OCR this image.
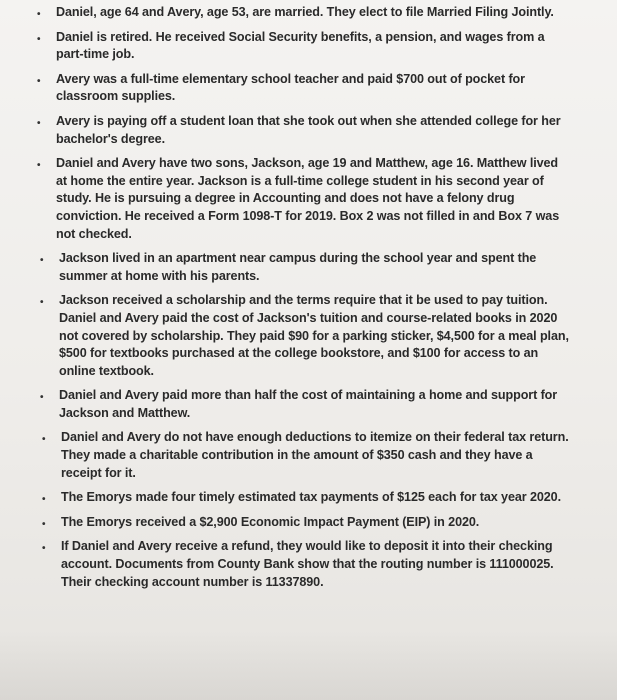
• Daniel, age 64 and Avery, age 53, are married. They elect to file Married Filing Jointly.
• Daniel is retired. He received Social Security benefits, a pension, and wages from a part-time job.
• Avery was a full-time elementary school teacher and paid $700 out of pocket for classroom supplies.
• Avery is paying off a student loan that she took out when she attended college for her bachelor's degree.
• Daniel and Avery have two sons, Jackson, age 19 and Matthew, age 16. Matthew lived at home the entire year. Jackson is a full-time college student in his second year of study. He is pursuing a degree in Accounting and does not have a felony drug conviction. He received a Form 1098-T for 2019. Box 2 was not filled in and Box 7 was not checked.
• Jackson lived in an apartment near campus during the school year and spent the summer at home with his parents.
• Jackson received a scholarship and the terms require that it be used to pay tuition. Daniel and Avery paid the cost of Jackson's tuition and course-related books in 2020 not covered by scholarship. They paid $90 for a parking sticker, $4,500 for a meal plan, $500 for textbooks purchased at the college bookstore, and $100 for access to an online textbook.
• Daniel and Avery paid more than half the cost of maintaining a home and support for Jackson and Matthew.
• Daniel and Avery do not have enough deductions to itemize on their federal tax return. They made a charitable contribution in the amount of $350 cash and they have a receipt for it.
• The Emorys made four timely estimated tax payments of $125 each for tax year 2020.
• The Emorys received a $2,900 Economic Impact Payment (EIP) in 2020.
• If Daniel and Avery receive a refund, they would like to deposit it into their checking account. Documents from County Bank show that the routing number is 111000025. Their checking account number is 11337890.
